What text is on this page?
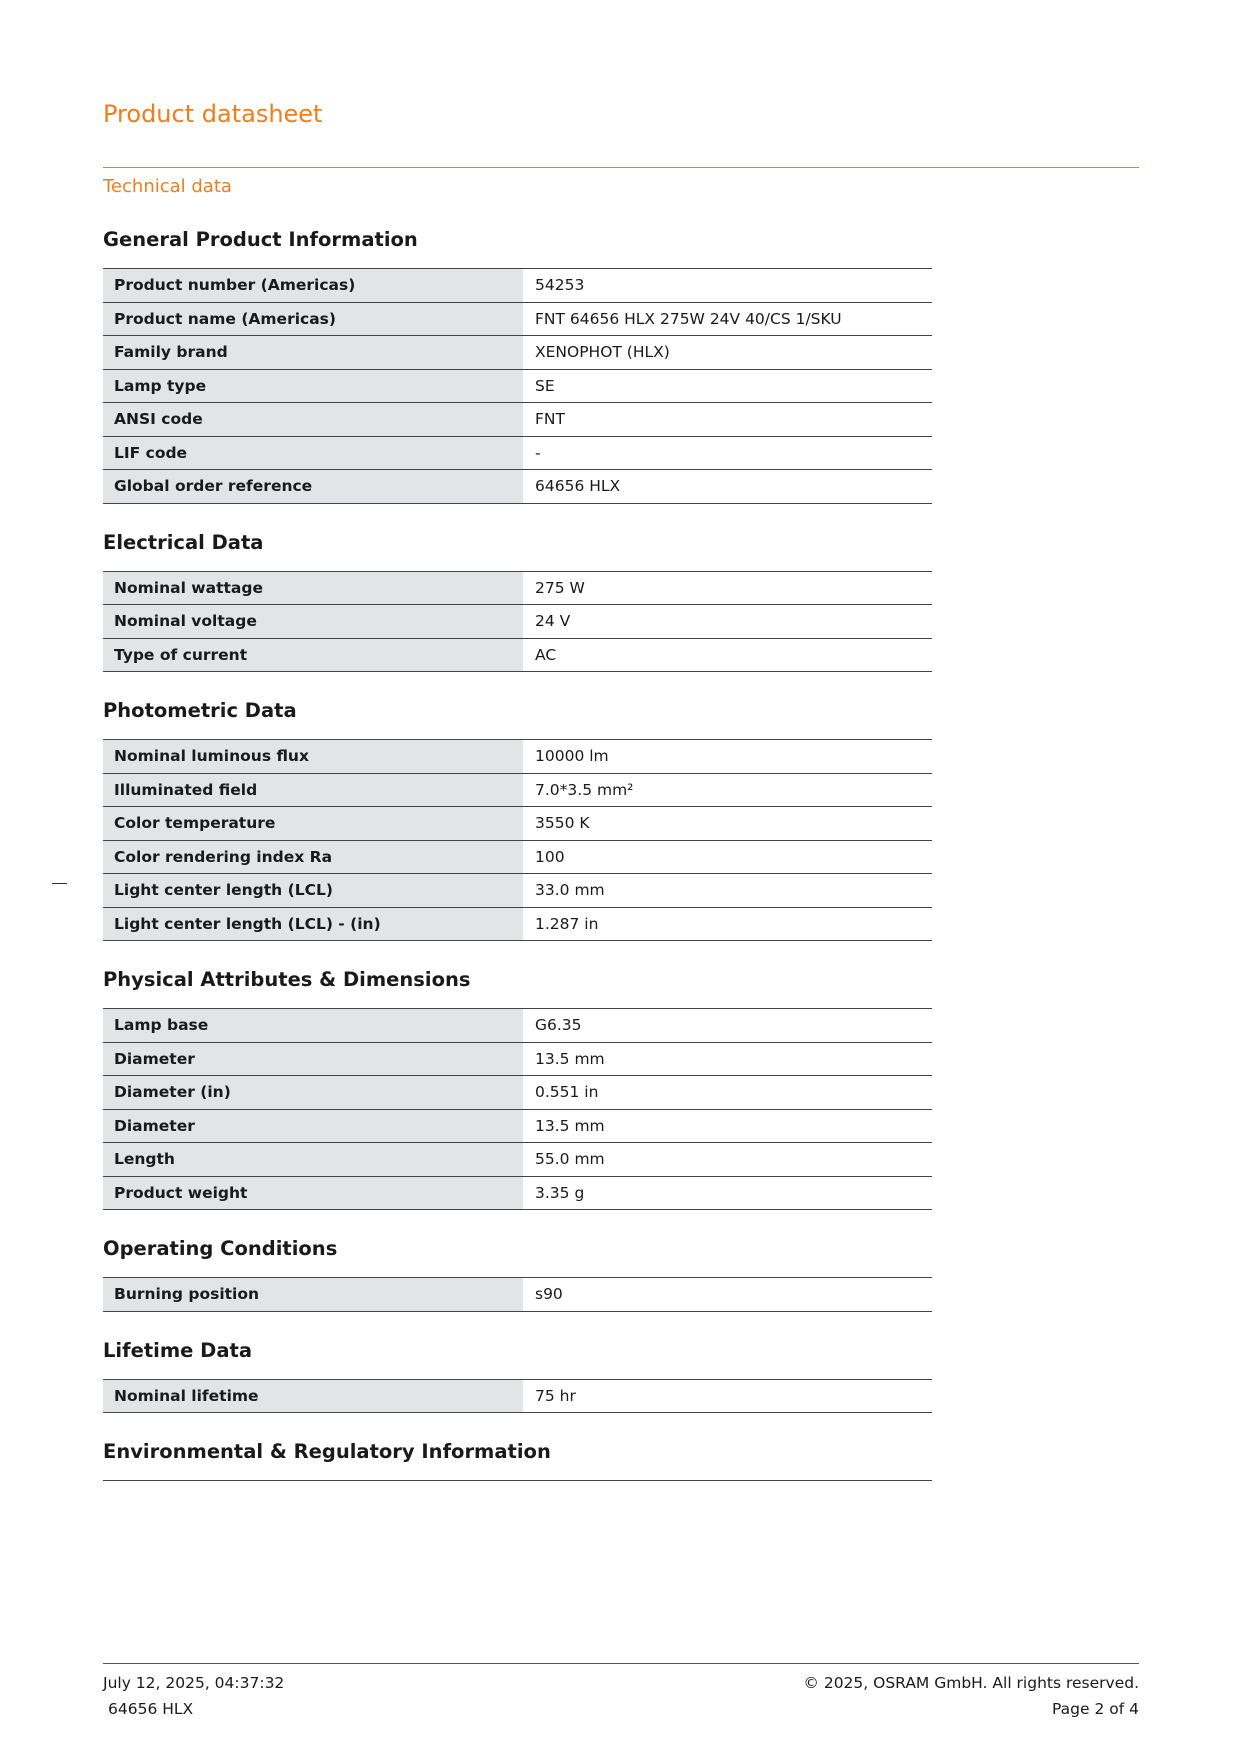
Product datasheet
Technical data
General Product Information
Product number (Americas)	54253
Product name (Americas)	FNT 64656 HLX 275W 24V 40/CS 1/SKU
Family brand	XENOPHOT (HLX)
Lamp type	SE
ANSI code	FNT
LIF code	-
Global order reference	64656 HLX
Electrical Data
Nominal wattage	275 W
Nominal voltage	24 V
Type of current	AC
Photometric Data
Nominal luminous flux	10000 lm
Illuminated field	7.0*3.5 mm²
Color temperature	3550 K
Color rendering index Ra	100
Light center length (LCL)	33.0 mm
Light center length (LCL) - (in)	1.287 in
Physical Attributes & Dimensions
Lamp base	G6.35
Diameter	13.5 mm
Diameter (in)	0.551 in
Diameter	13.5 mm
Length	55.0 mm
Product weight	3.35 g
Operating Conditions
Burning position	s90
Lifetime Data
Nominal lifetime	75 hr
Environmental & Regulatory Information
July 12, 2025, 04:37:32
64656 HLX
© 2025, OSRAM GmbH. All rights reserved.
Page 2 of 4
